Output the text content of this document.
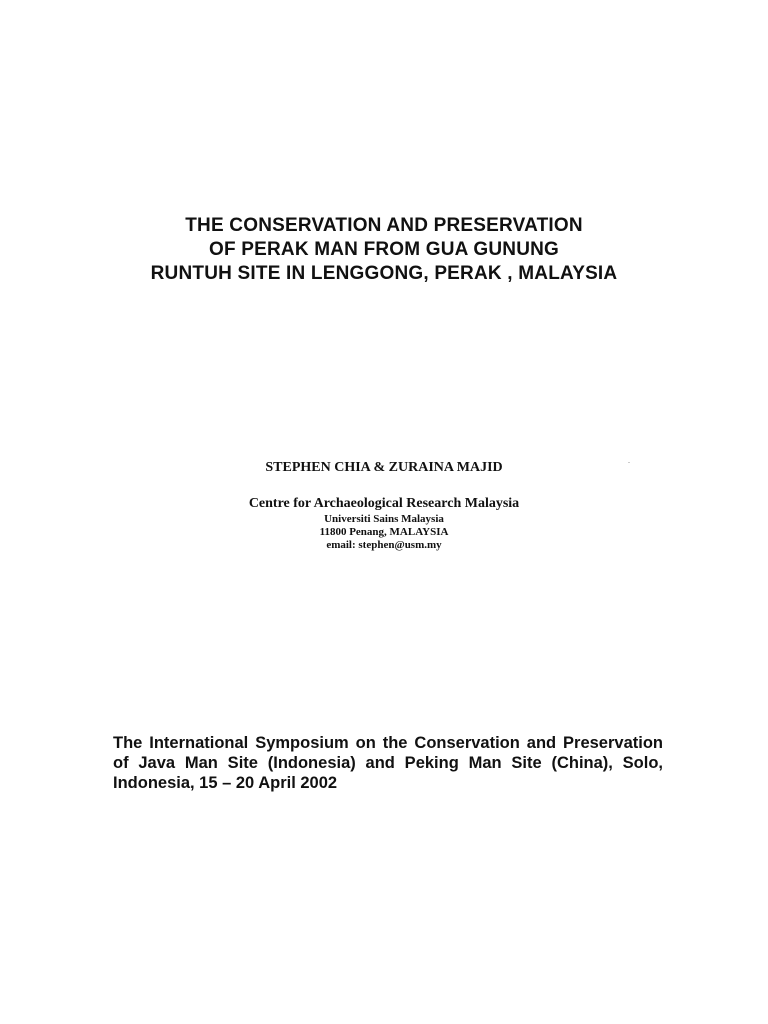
THE CONSERVATION AND PRESERVATION
OF PERAK MAN FROM GUA GUNUNG
RUNTUH SITE IN LENGGONG, PERAK , MALAYSIA
STEPHEN CHIA & ZURAINA MAJID
Centre for Archaeological Research Malaysia
Universiti Sains Malaysia
11800 Penang, MALAYSIA
email: stephen@usm.my
The International Symposium on the Conservation and Preservation of Java Man Site (Indonesia) and Peking Man Site (China), Solo, Indonesia, 15 – 20 April 2002
